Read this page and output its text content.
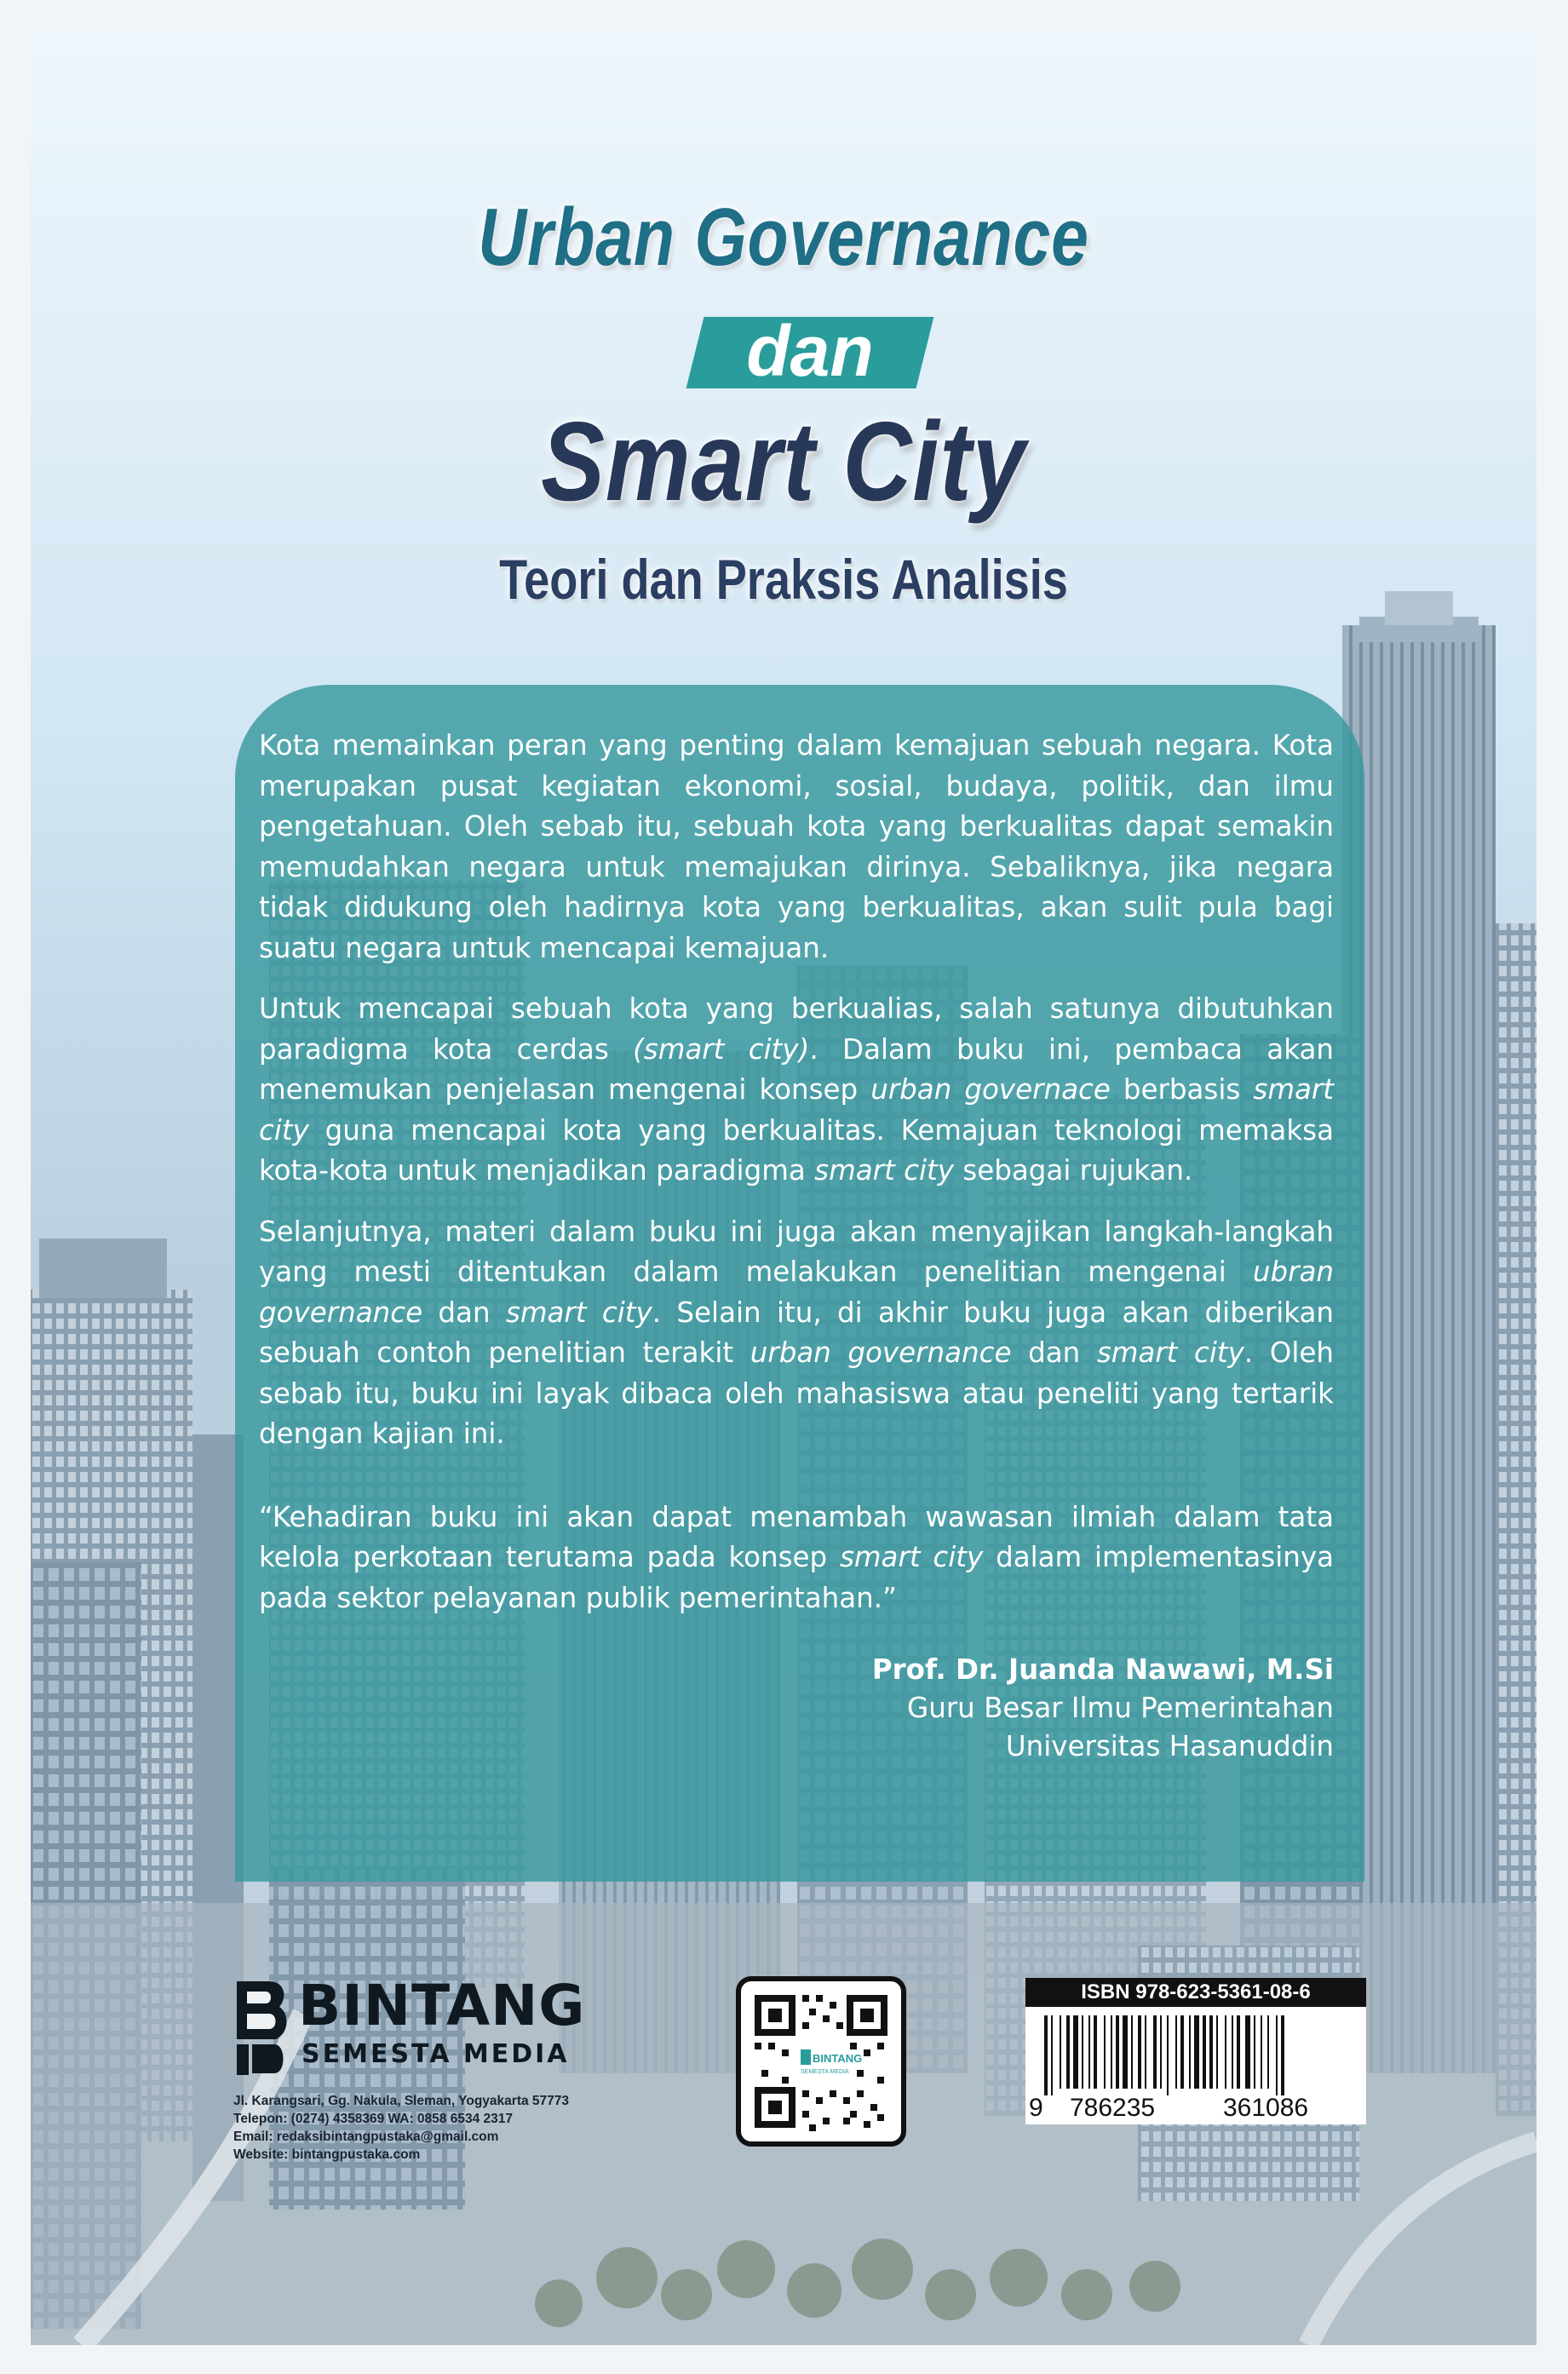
Urban Governance
dan
Smart City
Teori dan Praksis Analisis

Kota memainkan peran yang penting dalam kemajuan sebuah negara. Kota merupakan pusat kegiatan ekonomi, sosial, budaya, politik, dan ilmu pengetahuan. Oleh sebab itu, sebuah kota yang berkualitas dapat semakin memudahkan negara untuk memajukan dirinya. Sebaliknya, jika negara tidak didukung oleh hadirnya kota yang berkualitas, akan sulit pula bagi suatu negara untuk mencapai kemajuan.

Untuk mencapai sebuah kota yang berkualias, salah satunya dibutuhkan paradigma kota cerdas (smart city). Dalam buku ini, pembaca akan menemukan penjelasan mengenai konsep urban governace berbasis smart city guna mencapai kota yang berkualitas. Kemajuan teknologi memaksa kota-kota untuk menjadikan paradigma smart city sebagai rujukan.

Selanjutnya, materi dalam buku ini juga akan menyajikan langkah-langkah yang mesti ditentukan dalam melakukan penelitian mengenai ubran governance dan smart city. Selain itu, di akhir buku juga akan diberikan sebuah contoh penelitian terakit urban governance dan smart city. Oleh sebab itu, buku ini layak dibaca oleh mahasiswa atau peneliti yang tertarik dengan kajian ini.

“Kehadiran buku ini akan dapat menambah wawasan ilmiah dalam tata kelola perkotaan terutama pada konsep smart city dalam implementasinya pada sektor pelayanan publik pemerintahan.”

Prof. Dr. Juanda Nawawi, M.Si
Guru Besar Ilmu Pemerintahan
Universitas Hasanuddin
BINTANG
SEMESTA MEDIA
Jl. Karangsari, Gg. Nakula, Sleman, Yogyakarta 57773
Telepon: (0274) 4358369 WA: 0858 6534 2317
Email: redaksibintangpustaka@gmail.com
Website: bintangpustaka.com
BINTANG
SEMESTA MEDIA
ISBN 978-623-5361-08-6
9 786235	361086
